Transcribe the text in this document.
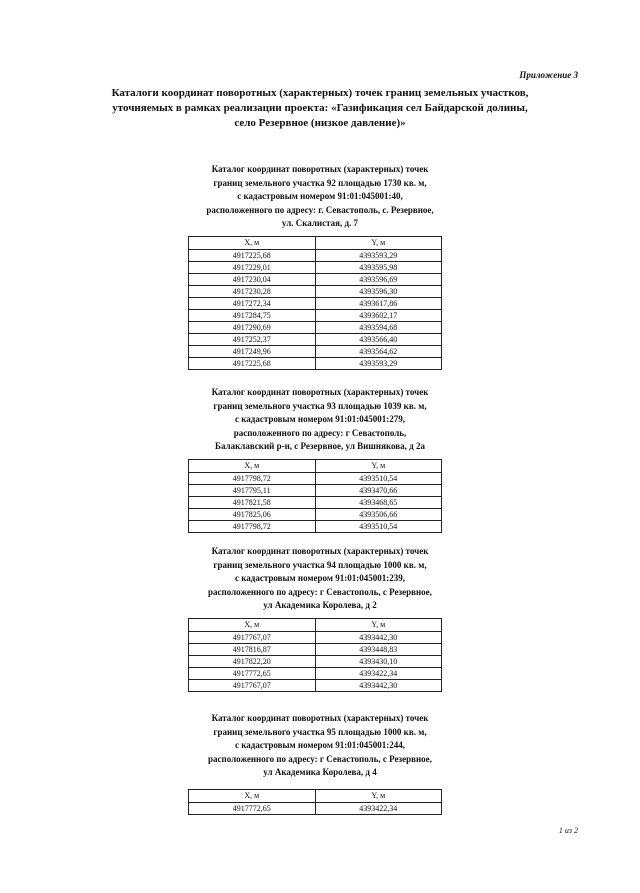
Приложение 3
Каталоги координат поворотных (характерных) точек границ земельных участков,
уточняемых в рамках реализации проекта: «Газификация сел Байдарской долины,
село Резервное (низкое давление)»
Каталог координат поворотных (характерных) точек
границ земельного участка 92 площадью 1730 кв. м,
с кадастровым номером 91:01:045001:40,
расположенного по адресу: г. Севастополь, с. Резервное,
ул. Скалистая, д. 7
X, м	Y, м
4917225,68	4393593,29
4917229,01	4393595,98
4917230,04	4393596,69
4917230,28	4393596,30
4917272,34	4393617,86
4917284,75	4393602,17
4917290,69	4393594,68
4917252,37	4393566,40
4917249,96	4393564,62
4917225,68	4393593,29
Каталог координат поворотных (характерных) точек
границ земельного участка 93 площадью 1039 кв. м,
с кадастровым номером 91:01:045001:279,
расположенного по адресу: г Севастополь,
Балаклавский р-н, с Резервное, ул Вишнякова, д 2а
X, м	Y, м
4917798,72	4393510,54
4917795,11	4393470,66
4917821,58	4393468,65
4917825,06	4393506,66
4917798,72	4393510,54
Каталог координат поворотных (характерных) точек
границ земельного участка 94 площадью 1000 кв. м,
с кадастровым номером 91:01:045001:239,
расположенного по адресу: г Севастополь, с Резервное,
ул Академика Королева, д 2
X, м	Y, м
4917767,07	4393442,30
4917816,87	4393448,83
4917822,20	4393430,10
4917772,65	4393422,34
4917767,07	4393442,30
Каталог координат поворотных (характерных) точек
границ земельного участка 95 площадью 1000 кв. м,
с кадастровым номером 91:01:045001:244,
расположенного по адресу: г Севастополь, с Резервное,
ул Академика Королева, д 4
X, м	Y, м
4917772,65	4393422,34
1 из 2
